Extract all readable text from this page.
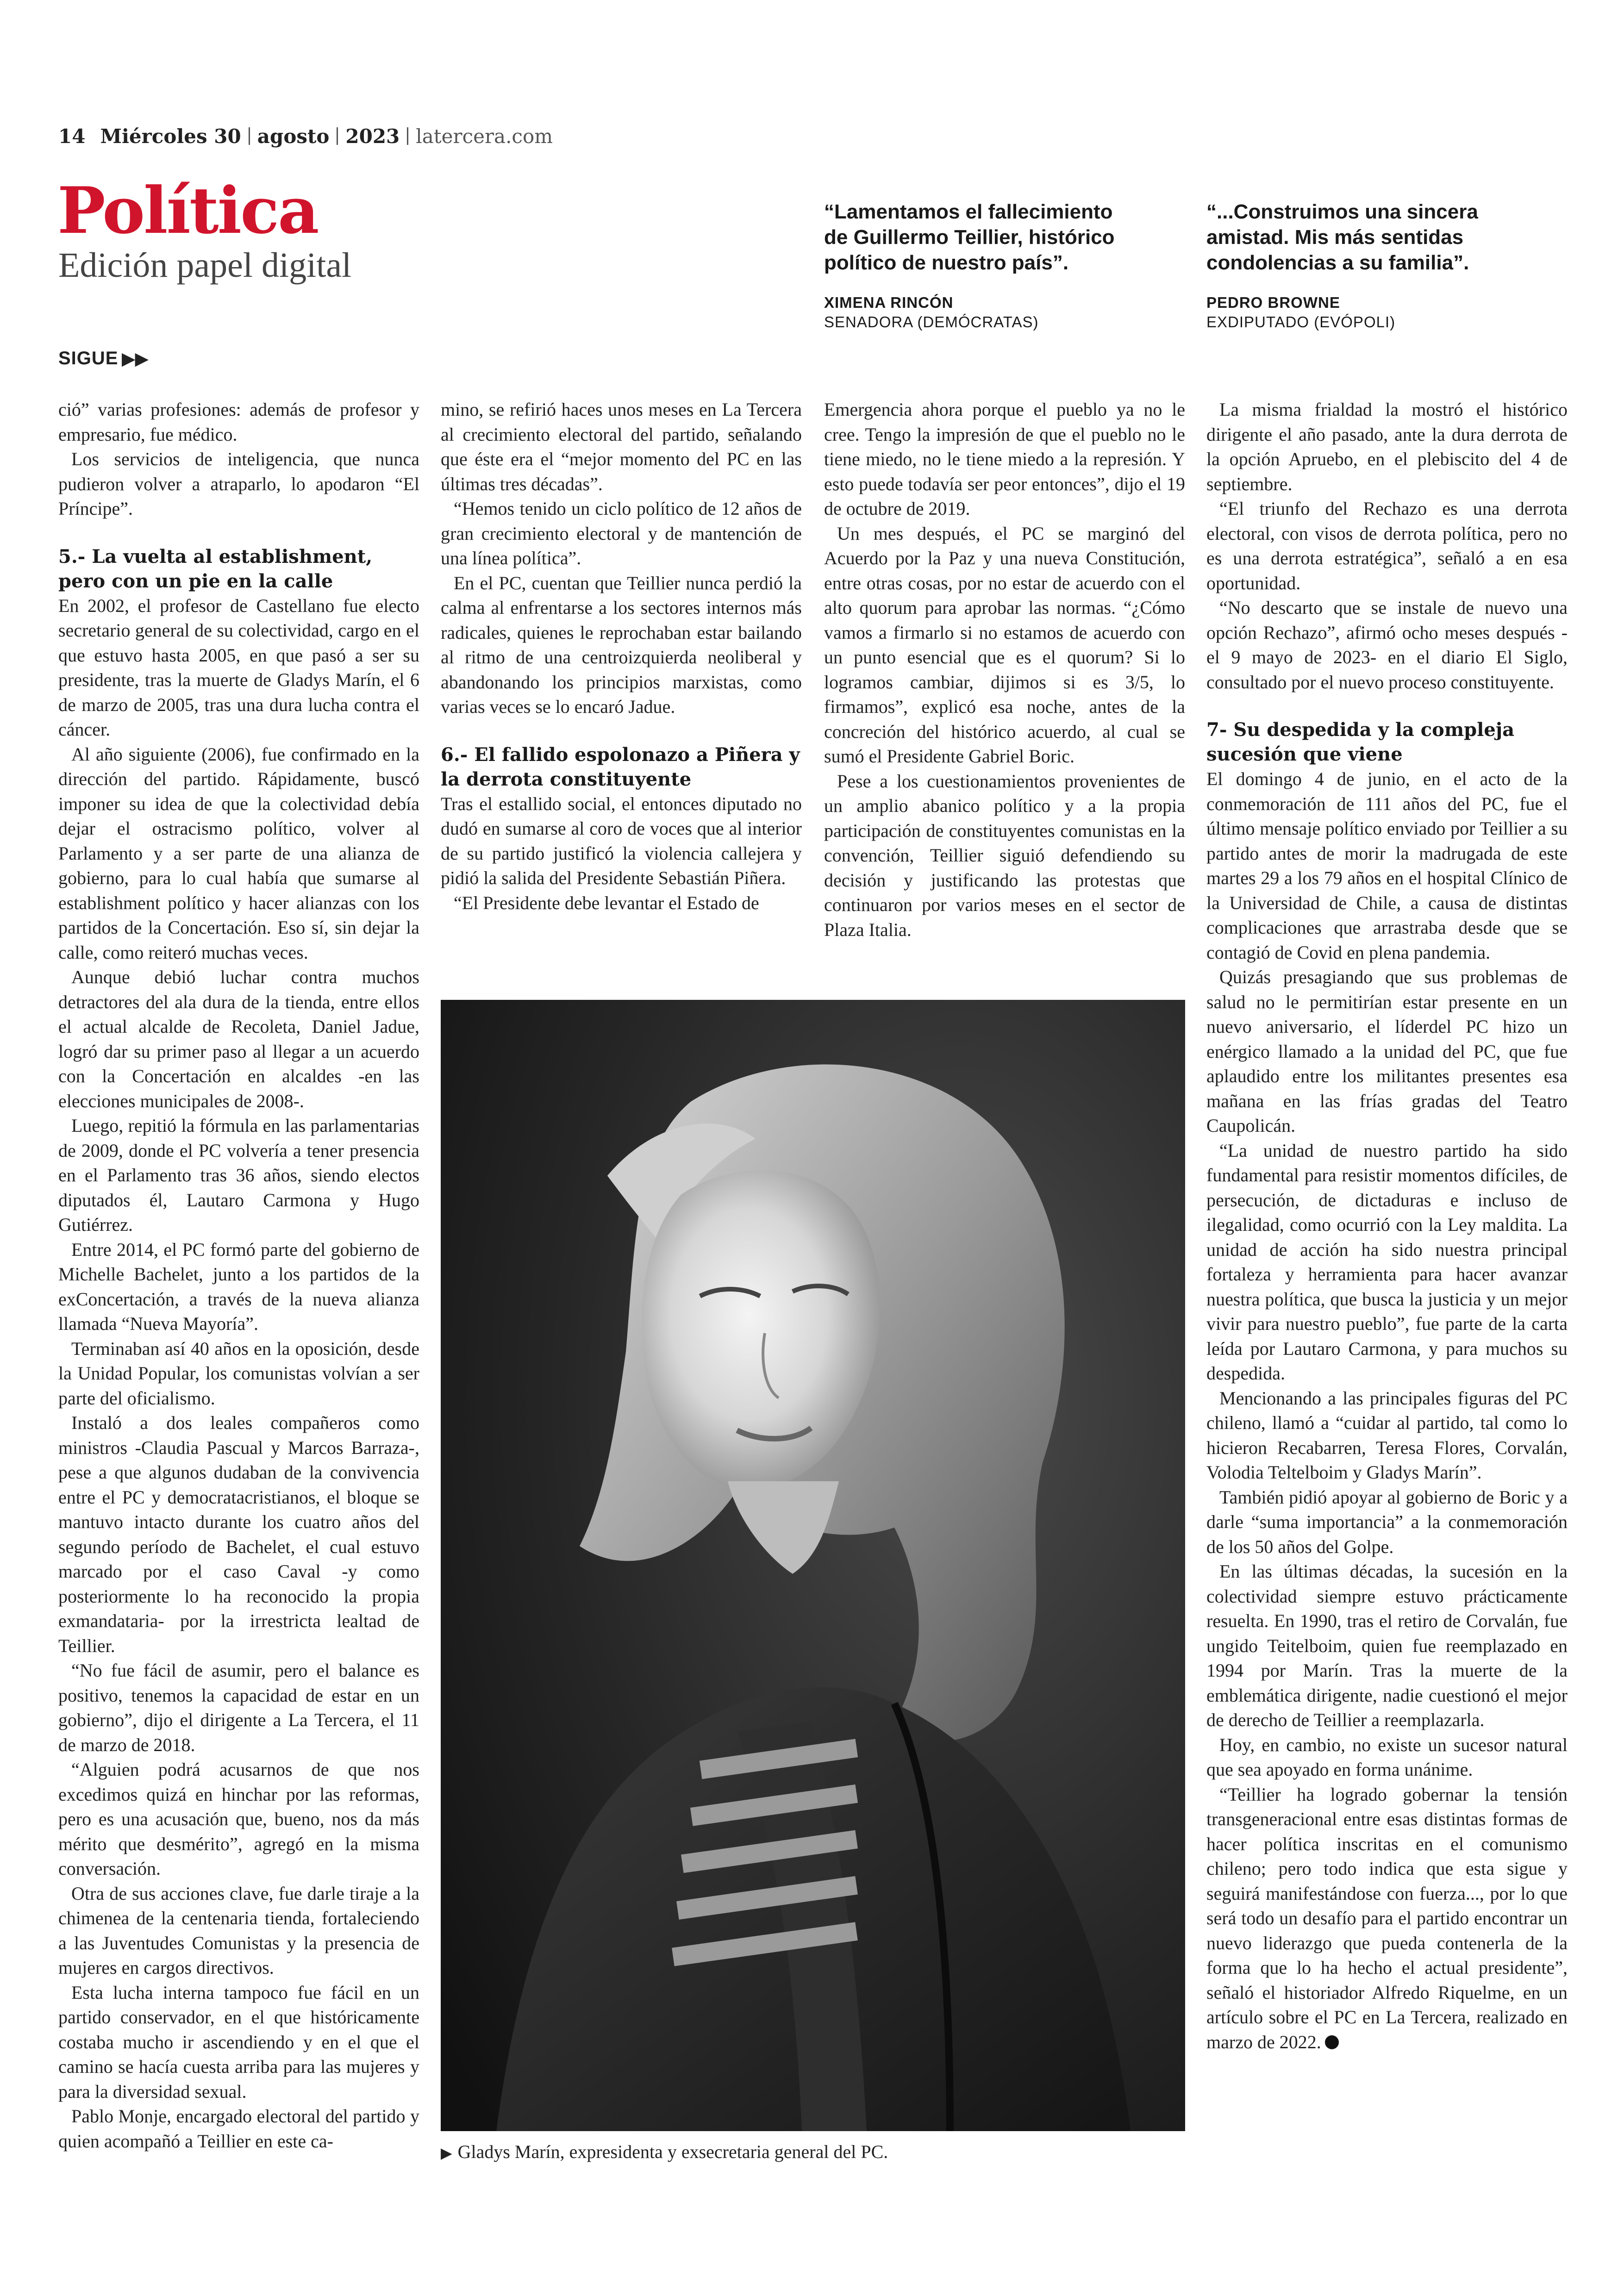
14 Miércoles 30 agosto 2023 latercera.com
Política
Edición papel digital
SIGUE ▶▶

“Lamentamos el fallecimiento de Guillermo Teillier, histórico político de nuestro país”.

XIMENA RINCÓN

SENADORA (DEMÓCRATAS)

“...Construimos una sincera amistad. Mis más sentidas condolencias a su familia”.

PEDRO BROWNE

EXDIPUTADO (EVÓPOLI)

ció” varias profesiones: además de profesor y empresario, fue médico.

Los servicios de inteligencia, que nunca pudieron volver a atraparlo, lo apodaron “El Príncipe”.

5.- La vuelta al establishment, pero con un pie en la calle

En 2002, el profesor de Castellano fue electo secretario general de su colectividad, cargo en el que estuvo hasta 2005, en que pasó a ser su presidente, tras la muerte de Gladys Marín, el 6 de marzo de 2005, tras una dura lucha contra el cáncer.

Al año siguiente (2006), fue confirmado en la dirección del partido. Rápidamente, buscó imponer su idea de que la colectividad debía dejar el ostracismo político, volver al Parlamento y a ser parte de una alianza de gobierno, para lo cual había que sumarse al establishment político y hacer alianzas con los partidos de la Concertación. Eso sí, sin dejar la calle, como reiteró muchas veces.

Aunque debió luchar contra muchos detractores del ala dura de la tienda, entre ellos el actual alcalde de Recoleta, Daniel Jadue, logró dar su primer paso al llegar a un acuerdo con la Concertación en alcaldes -en las elecciones municipales de 2008-.

Luego, repitió la fórmula en las parlamentarias de 2009, donde el PC volvería a tener presencia en el Parlamento tras 36 años, siendo electos diputados él, Lautaro Carmona y Hugo Gutiérrez.

Entre 2014, el PC formó parte del gobierno de Michelle Bachelet, junto a los partidos de la exConcertación, a través de la nueva alianza llamada “Nueva Mayoría”.

Terminaban así 40 años en la oposición, desde la Unidad Popular, los comunistas volvían a ser parte del oficialismo.

Instaló a dos leales compañeros como ministros -Claudia Pascual y Marcos Barraza-, pese a que algunos dudaban de la convivencia entre el PC y democratacristianos, el bloque se mantuvo intacto durante los cuatro años del segundo período de Bachelet, el cual estuvo marcado por el caso Caval -y como posteriormente lo ha reconocido la propia exmandataria- por la irrestricta lealtad de Teillier.

“No fue fácil de asumir, pero el balance es positivo, tenemos la capacidad de estar en un gobierno”, dijo el dirigente a La Tercera, el 11 de marzo de 2018.

“Alguien podrá acusarnos de que nos excedimos quizá en hinchar por las reformas, pero es una acusación que, bueno, nos da más mérito que desmérito”, agregó en la misma conversación.

Otra de sus acciones clave, fue darle tiraje a la chimenea de la centenaria tienda, fortaleciendo a las Juventudes Comunistas y la presencia de mujeres en cargos directivos.

Esta lucha interna tampoco fue fácil en un partido conservador, en el que históricamente costaba mucho ir ascendiendo y en el que el camino se hacía cuesta arriba para las mujeres y para la diversidad sexual.

Pablo Monje, encargado electoral del partido y quien acompañó a Teillier en este ca-

mino, se refirió haces unos meses en La Tercera al crecimiento electoral del partido, señalando que éste era el “mejor momento del PC en las últimas tres décadas”.

“Hemos tenido un ciclo político de 12 años de gran crecimiento electoral y de mantención de una línea política”.

En el PC, cuentan que Teillier nunca perdió la calma al enfrentarse a los sectores internos más radicales, quienes le reprochaban estar bailando al ritmo de una centroizquierda neoliberal y abandonando los principios marxistas, como varias veces se lo encaró Jadue.

6.- El fallido espolonazo a Piñera y la derrota constituyente

Tras el estallido social, el entonces diputado no dudó en sumarse al coro de voces que al interior de su partido justificó la violencia callejera y pidió la salida del Presidente Sebastián Piñera.

“El Presidente debe levantar el Estado de

Emergencia ahora porque el pueblo ya no le cree. Tengo la impresión de que el pueblo no le tiene miedo, no le tiene miedo a la represión. Y esto puede todavía ser peor entonces”, dijo el 19 de octubre de 2019.

Un mes después, el PC se marginó del Acuerdo por la Paz y una nueva Constitución, entre otras cosas, por no estar de acuerdo con el alto quorum para aprobar las normas. “¿Cómo vamos a firmarlo si no estamos de acuerdo con un punto esencial que es el quorum? Si lo logramos cambiar, dijimos si es 3/5, lo firmamos”, explicó esa noche, antes de la concreción del histórico acuerdo, al cual se sumó el Presidente Gabriel Boric.

Pese a los cuestionamientos provenientes de un amplio abanico político y a la propia participación de constituyentes comunistas en la convención, Teillier siguió defendiendo su decisión y justificando las protestas que continuaron por varios meses en el sector de Plaza Italia.

La misma frialdad la mostró el histórico dirigente el año pasado, ante la dura derrota de la opción Apruebo, en el plebiscito del 4 de septiembre.

“El triunfo del Rechazo es una derrota electoral, con visos de derrota política, pero no es una derrota estratégica”, señaló a en esa oportunidad.

“No descarto que se instale de nuevo una opción Rechazo”, afirmó ocho meses después -el 9 mayo de 2023- en el diario El Siglo, consultado por el nuevo proceso constituyente.

7- Su despedida y la compleja sucesión que viene

El domingo 4 de junio, en el acto de la conmemoración de 111 años del PC, fue el último mensaje político enviado por Teillier a su partido antes de morir la madrugada de este martes 29 a los 79 años en el hospital Clínico de la Universidad de Chile, a causa de distintas complicaciones que arrastraba desde que se contagió de Covid en plena pandemia.

Quizás presagiando que sus problemas de salud no le permitirían estar presente en un nuevo aniversario, el líderdel PC hizo un enérgico llamado a la unidad del PC, que fue aplaudido entre los militantes presentes esa mañana en las frías gradas del Teatro Caupolicán.

“La unidad de nuestro partido ha sido fundamental para resistir momentos difíciles, de persecución, de dictaduras e incluso de ilegalidad, como ocurrió con la Ley maldita. La unidad de acción ha sido nuestra principal fortaleza y herramienta para hacer avanzar nuestra política, que busca la justicia y un mejor vivir para nuestro pueblo”, fue parte de la carta leída por Lautaro Carmona, y para muchos su despedida.

Mencionando a las principales figuras del PC chileno, llamó a “cuidar al partido, tal como lo hicieron Recabarren, Teresa Flores, Corvalán, Volodia Teltelboim y Gladys Marín”.

También pidió apoyar al gobierno de Boric y a darle “suma importancia” a la conmemoración de los 50 años del Golpe.

En las últimas décadas, la sucesión en la colectividad siempre estuvo prácticamente resuelta. En 1990, tras el retiro de Corvalán, fue ungido Teitelboim, quien fue reemplazado en 1994 por Marín. Tras la muerte de la emblemática dirigente, nadie cuestionó el mejor de derecho de Teillier a reemplazarla.

Hoy, en cambio, no existe un sucesor natural que sea apoyado en forma unánime.

“Teillier ha logrado gobernar la tensión transgeneracional entre esas distintas formas de hacer política inscritas en el comunismo chileno; pero todo indica que esta sigue y seguirá manifestándose con fuerza..., por lo que será todo un desafío para el partido encontrar un nuevo liderazgo que pueda contenerla de la forma que lo ha hecho el actual presidente”, señaló el historiador Alfredo Riquelme, en un artículo sobre el PC en La Tercera, realizado en marzo de 2022.

▶ Gladys Marín, expresidenta y exsecretaria general del PC.
